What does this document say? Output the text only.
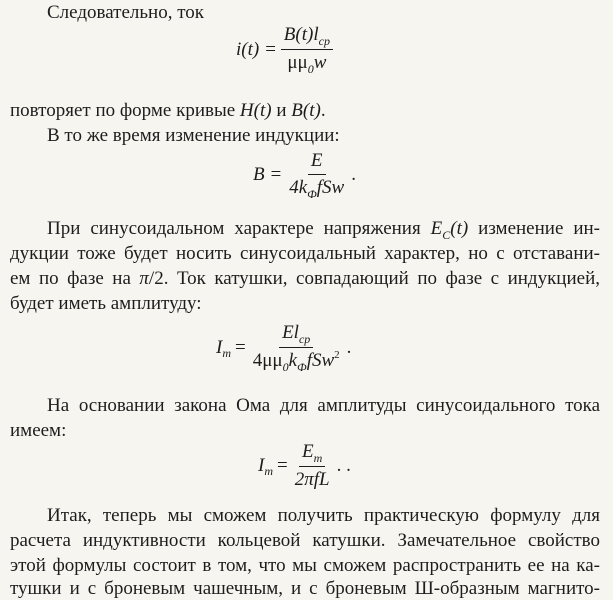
Следовательно, ток
$i(t) = \frac{B(t)l_{ср}}{\mu\mu_0w}$
повторяет по форме кривые H(t) и B(t).
В то же время изменение индукции:
$B = \frac{E}{4k_ФfSw}$ .
При синусоидальном характере напряжения $E_C(t)$ изменение ин-
дукции тоже будет носить синусоидальный характер, но с отставани-
ем по фазе на π/2. Ток катушки, совпадающий по фазе с индукцией,
будет иметь амплитуду:
I $m = \frac{El_{ср}}{4\mu\mu_0k_ФfSw^2}$ .
На основании закона Ома для амплитуды синусоидального тока
имеем:
I $m = \frac{E_m}{\text{2πfL}}$ . .
Итак, теперь мы сможем получить практическую формулу для
расчета индуктивности кольцевой катушки. Замечательное свойство
этой формулы состоит в том, что мы сможем распространить ее на ка-
тушки и с броневым чашечным, и с броневым Ш-образным магнито-
